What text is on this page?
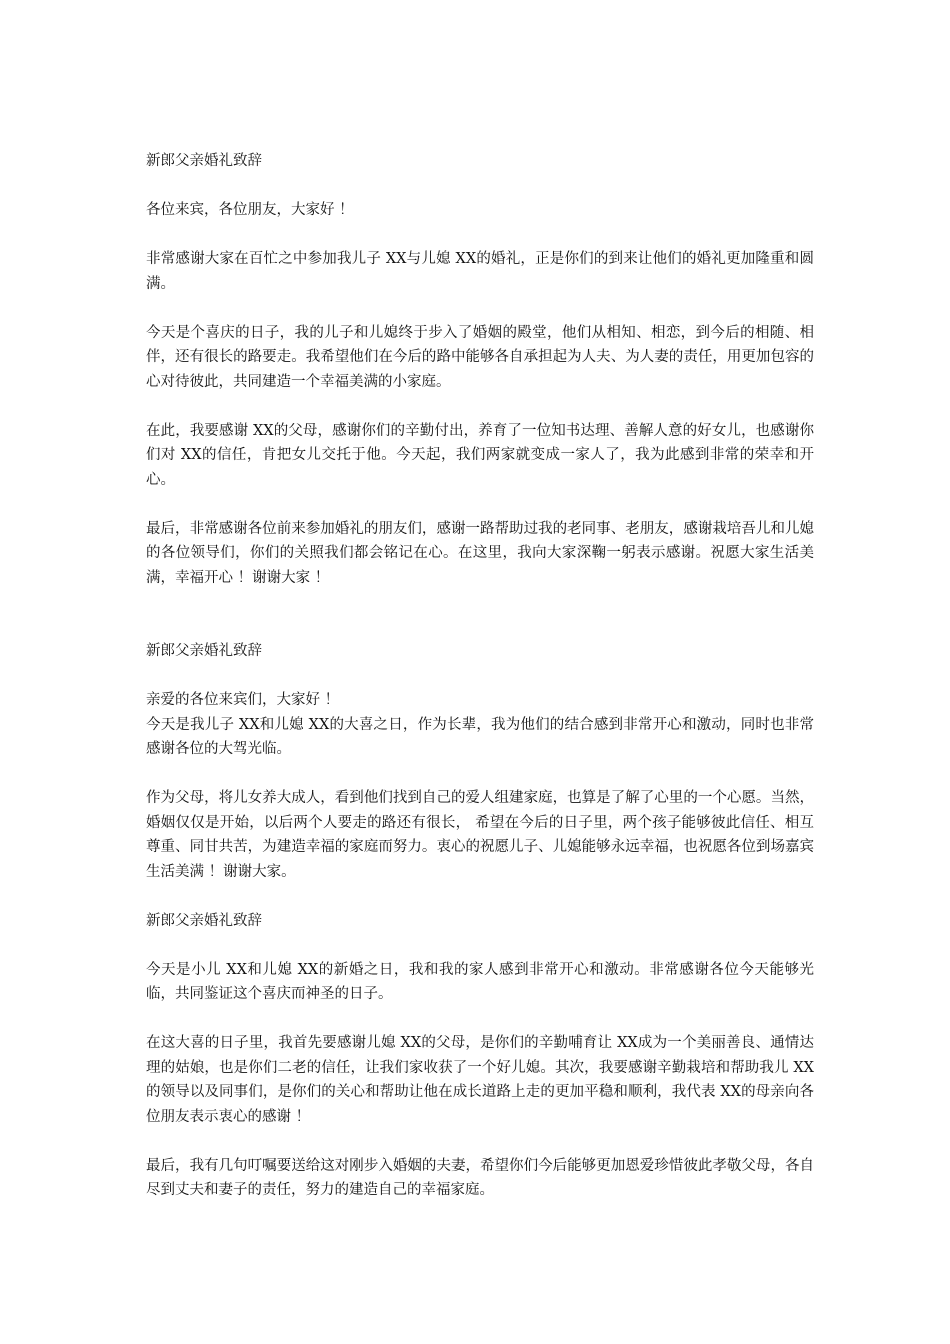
新郎父亲婚礼致辞

各位来宾，各位朋友，大家好 ！

非常感谢大家在百忙之中参加我儿子 XX与儿媳 XX的婚礼，正是你们的到来让他们的婚礼更加隆重和圆满。

今天是个喜庆的日子，我的儿子和儿媳终于步入了婚姻的殿堂，他们从相知、相恋，到今后的相随、相伴，还有很长的路要走。我希望他们在今后的路中能够各自承担起为人夫、为人妻的责任，用更加包容的心对待彼此，共同建造一个幸福美满的小家庭。

在此，我要感谢 XX的父母，感谢你们的辛勤付出，养育了一位知书达理、善解人意的好女儿，也感谢你们对 XX的信任，肯把女儿交托于他。今天起，我们两家就变成一家人了，我为此感到非常的荣幸和开心。

最后，非常感谢各位前来参加婚礼的朋友们，感谢一路帮助过我的老同事、老朋友，感谢栽培吾儿和儿媳的各位领导们，你们的关照我们都会铭记在心。在这里，我向大家深鞠一躬表示感谢。祝愿大家生活美满，幸福开心 ！谢谢大家 ！

新郎父亲婚礼致辞

亲爱的各位来宾们，大家好 ！
今天是我儿子 XX和儿媳 XX的大喜之日，作为长辈，我为他们的结合感到非常开心和激动，同时也非常感谢各位的大驾光临。

作为父母，将儿女养大成人，看到他们找到自己的爱人组建家庭，也算是了解了心里的一个心愿。当然，婚姻仅仅是开始，以后两个人要走的路还有很长， 希望在今后的日子里，两个孩子能够彼此信任、相互尊重、同甘共苦，为建造幸福的家庭而努力。衷心的祝愿儿子、儿媳能够永远幸福，也祝愿各位到场嘉宾生活美满 ！谢谢大家。

新郎父亲婚礼致辞

今天是小儿 XX和儿媳 XX的新婚之日，我和我的家人感到非常开心和激动。非常感谢各位今天能够光临，共同鉴证这个喜庆而神圣的日子。

在这大喜的日子里，我首先要感谢儿媳 XX的父母，是你们的辛勤哺育让 XX成为一个美丽善良、通情达理的姑娘，也是你们二老的信任，让我们家收获了一个好儿媳。其次，我要感谢辛勤栽培和帮助我儿 XX的领导以及同事们，是你们的关心和帮助让他在成长道路上走的更加平稳和顺利，我代表 XX的母亲向各位朋友表示衷心的感谢 ！

最后，我有几句叮嘱要送给这对刚步入婚姻的夫妻，希望你们今后能够更加恩爱珍惜彼此孝敬父母，各自尽到丈夫和妻子的责任，努力的建造自己的幸福家庭。
